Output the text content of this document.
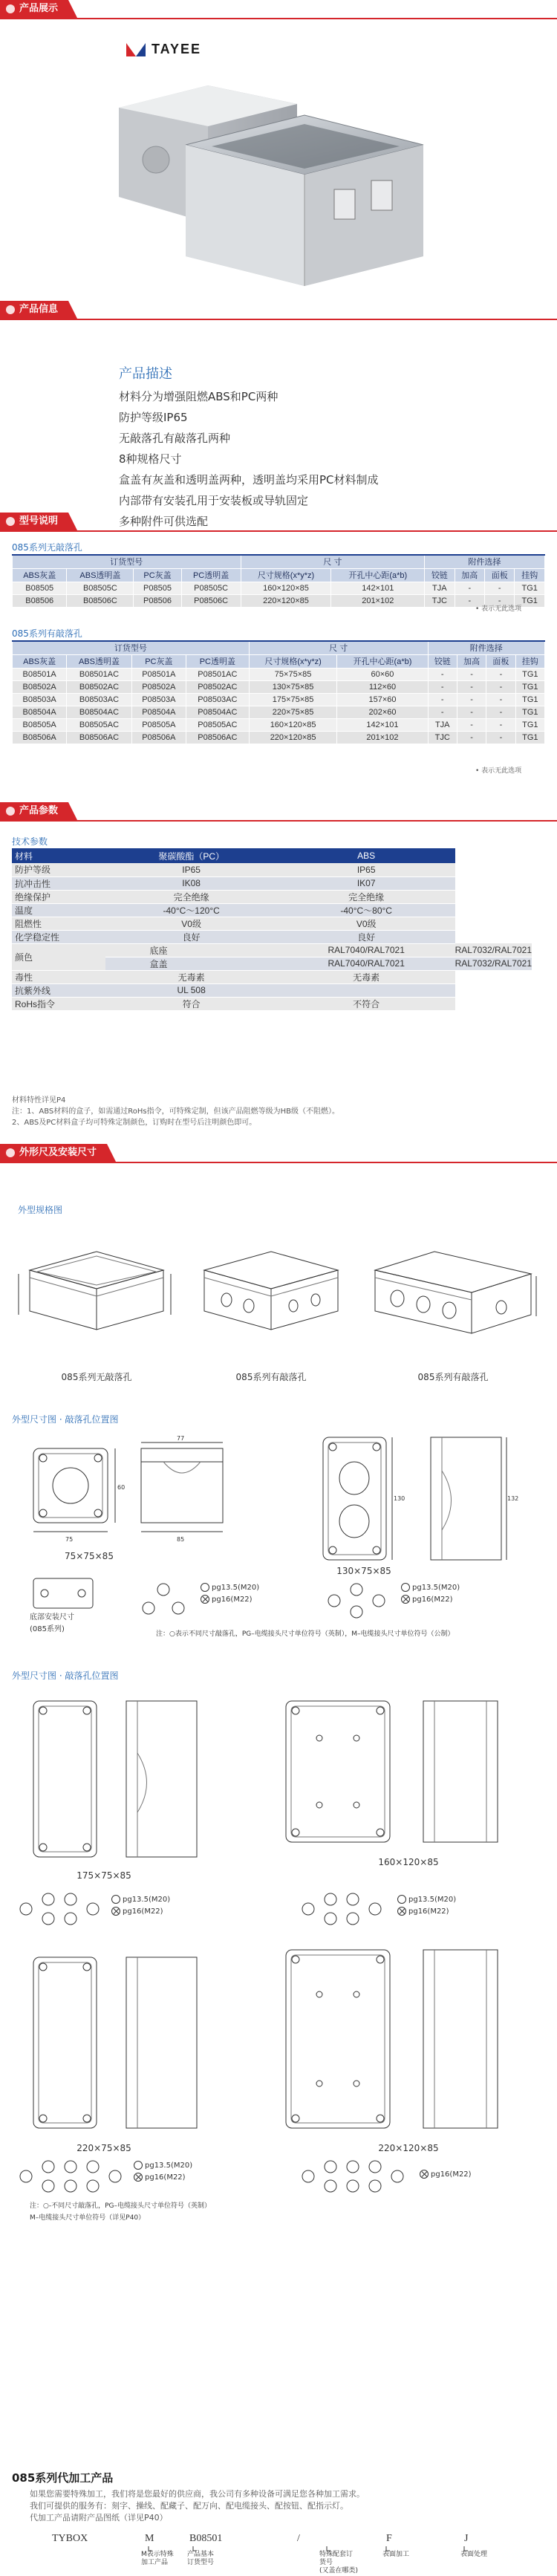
产品展示
TAYEE
产品信息
产品描述
材料分为增强阻燃ABS和PC两种
防护等级IP65
无敲落孔有敲落孔两种
8种规格尺寸
盒盖有灰盖和透明盖两种，透明盖均采用PC材料制成
内部带有安装孔用于安装板或导轨固定
多种附件可供选配
型号说明
085系列无敲落孔
订货型号				尺 寸		附件选择			
ABS灰盖	ABS透明盖	PC灰盖	PC透明盖	尺寸规格(x*y*z)	开孔中心距(a*b)	铰链	加高	面板	挂钩
B08505	B08505C	P08505	P08505C	160×120×85	142×101	TJA	-	-	TG1
B08506	B08506C	P08506	P08506C	220×120×85	201×102	TJC	-	-	TG1
• 表示无此选项
085系列有敲落孔
订货型号				尺 寸		附件选择			
ABS灰盖	ABS透明盖	PC灰盖	PC透明盖	尺寸规格(x*y*z)	开孔中心距(a*b)	铰链	加高	面板	挂钩
B08501A	B08501AC	P08501A	P08501AC	75×75×85	60×60	-	-	-	TG1
B08502A	B08502AC	P08502A	P08502AC	130×75×85	112×60	-	-	-	TG1
B08503A	B08503AC	P08503A	P08503AC	175×75×85	157×60	-	-	-	TG1
B08504A	B08504AC	P08504A	P08504AC	220×75×85	202×60	-	-	-	TG1
B08505A	B08505AC	P08505A	P08505AC	160×120×85	142×101	TJA	-	-	TG1
B08506A	B08506AC	P08506A	P08506AC	220×120×85	201×102	TJC	-	-	TG1
• 表示无此选项
产品参数
技术参数
材料	聚碳酸酯（PC）	ABS	
防护等级	IP65	IP65	
抗冲击性	IK08	IK07	
绝缘保护	完全绝缘	完全绝缘	
温度	-40°C～120°C	-40°C～80°C	
阻燃性	V0级	V0级	
化学稳定性	良好	良好	
颜色	底座	RAL7040/RAL7021	RAL7032/RAL7021
	盒盖	RAL7040/RAL7021	RAL7032/RAL7021
毒性	无毒素	无毒素	
抗紫外线	UL 508		
RoHs指令	符合	不符合	
材料特性详见P4
注：1、ABS材料的盒子，如需通过RoHs指令，可特殊定制，但该产品阻燃等级为HB级（不阻燃）。
2、ABS及PC材料盒子均可特殊定制颜色，订购时在型号后注明颜色即可。
外形尺及安装尺寸
外型规格图
085系列无敲落孔	085系列有敲落孔	085系列有敲落孔
外型尺寸图 · 敲落孔位置图
75
60
77
85
130	132
75×75×85
130×75×85
底部安装尺寸
(085系列)
pg13.5(M20)
pg16(M22)
pg13.5(M20)
pg16(M22)
注：○表示不同尺寸敲落孔，PG–电缆接头尺寸单位符号（英制），M–电缆接头尺寸单位符号（公制）
外型尺寸图 · 敲落孔位置图
175×75×85
160×120×85
pg13.5(M20)
pg16(M22)
pg13.5(M20)
pg16(M22)
220×75×85	220×120×85
pg13.5(M20)
pg16(M22)	pg16(M22)
注：○-不同尺寸敲落孔，PG–电缆接头尺寸单位符号（英制）
M–电缆接头尺寸单位符号（详见P40）
085系列代加工产品
如果您需要特殊加工，我们将是您最好的供应商，我公司有多种设备可满足您各种加工需求。
我们可提供的服务有：刻字、操线、配藏子、配万向、配电缆接头、配按钮、配指示灯。
代加工产品请附产品图纸（详见P40）
TYBOX	M	B08501	/	F	J
M表示特殊
加工产品
产品基本
订货型号
特殊配套订
货号
(又盖在哪类)
表面加工	表面处理
